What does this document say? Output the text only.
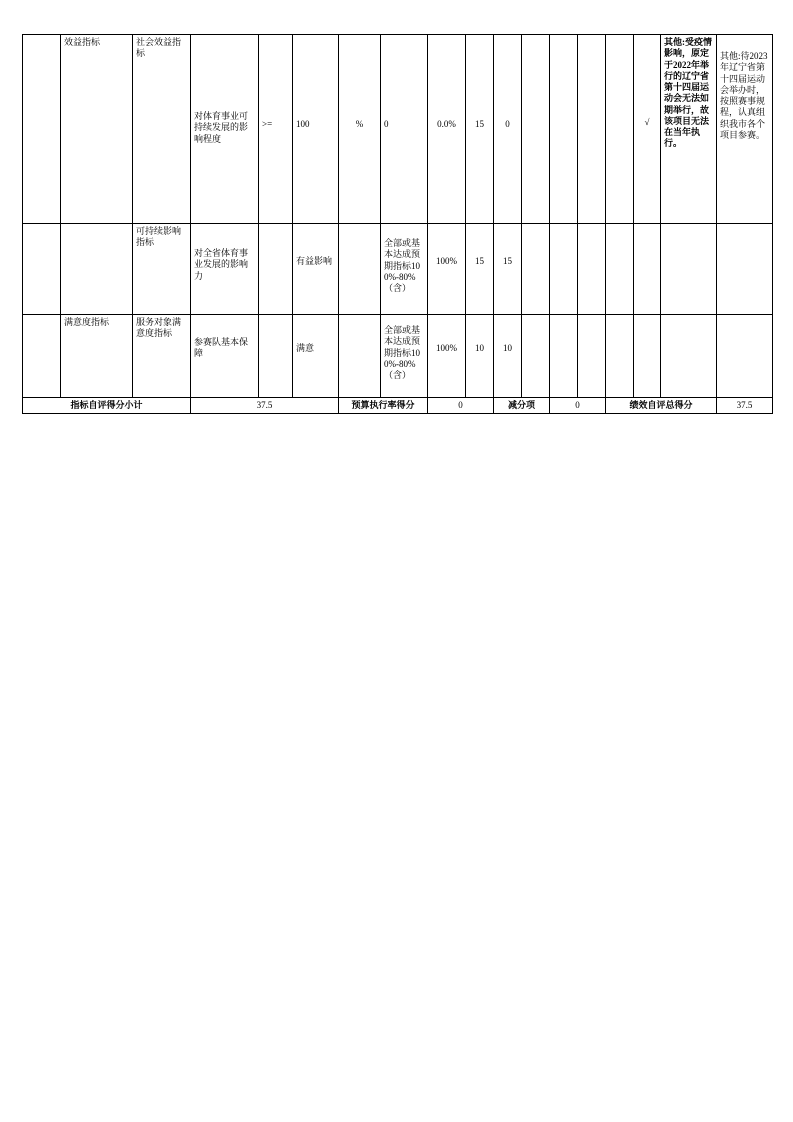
	效益指标	社会效益指标	对体育事业可持续发展的影响程度	>=	100	%	0	0.0%	15	0					√	其他:受疫情影响，原定于2022年举行的辽宁省第十四届运动会无法如期举行，故该项目无法在当年执行。	其他:待2023年辽宁省第十四届运动会举办时，按照赛事规程，认真组织我市各个项目参赛。
		可持续影响指标	对全省体育事业发展的影响力		有益影响		全部或基本达成预期指标100%-80%（含）	100%	15	15							
	满意度指标	服务对象满意度指标	参赛队基本保障		满意		全部或基本达成预期指标100%-80%（含）	100%	10	10							
指标自评得分小计			37.5			预算执行率得分		0		减分项		0		绩效自评总得分			37.5
